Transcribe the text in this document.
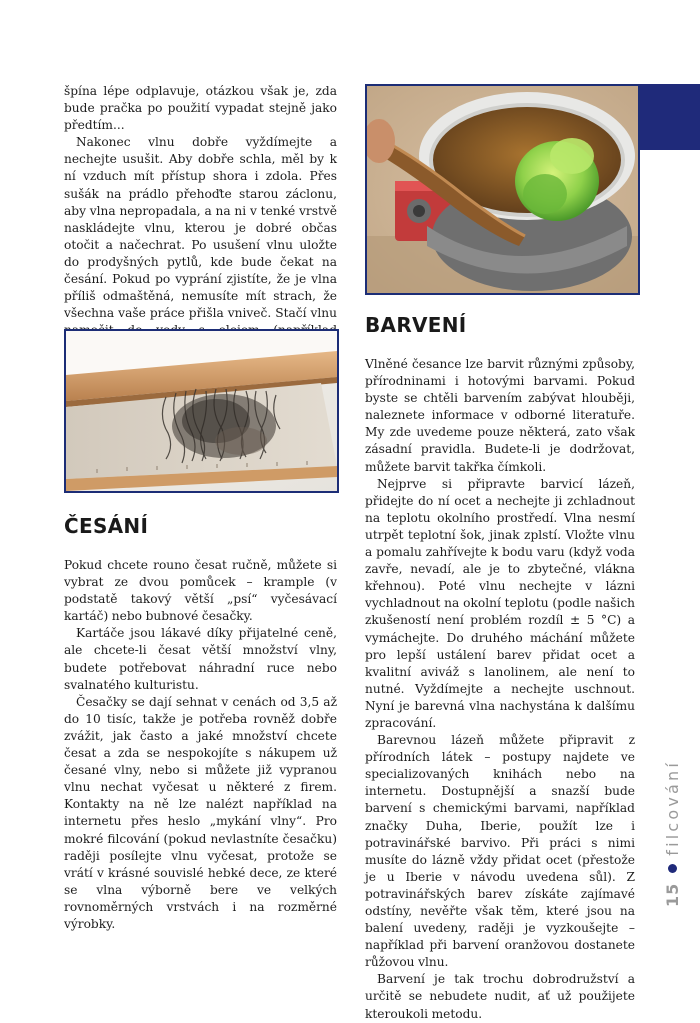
špína lépe odplavuje, otázkou však je, zda bude pračka po použití vypadat stejně jako předtím...

Nakonec vlnu dobře vyždímejte a nechejte usušit. Aby dobře schla, měl by k ní vzduch mít přístup shora i zdola. Přes sušák na prádlo přehoďte starou záclonu, aby vlna nepropadala, a na ni v tenké vrstvě naskládejte vlnu, kterou je dobré občas otočit a načechrat. Po usušení vlnu uložte do prodyšných pytlů, kde bude čekat na česání. Pokud po vyprání zjistíte, že je vlna příliš odmaštěná, nemusíte mít strach, že všechna vaše práce přišla vniveč. Stačí vlnu

ČESÁNÍ

Pokud chcete rouno česat ručně, můžete si vybrat ze dvou pomůcek – krample (v podstatě takový větší „psí“ vyčesávací kartáč) nebo bubnové česačky.

Kartáče jsou lákavé díky přijatelné ceně, ale chcete-li česat větší množství vlny, budete potřebovat náhradní ruce nebo svalnatého kulturistu.

Česačky se dají sehnat v cenách od 3,5 až do 10 tisíc, takže je potřeba rovněž dobře zvážit, jak často a jaké množství chcete česat a zda se nespokojíte s nákupem už česané vlny, nebo si můžete již vypranou vlnu nechat vyčesat u některé z firem. Kontakty na ně lze nalézt například na internetu přes heslo „mykání vlny“. Pro mokré filcování (pokud nevlastníte česačku) raději posílejte vlnu vyčesat, protože se vrátí v krásné souvislé hebké dece, ze které se vlna výborně bere ve velkých rovnoměrných vrstvách i na rozměrné výrobky.

BARVENÍ

Vlněné česance lze barvit různými způsoby, přírodninami i hotovými barvami. Pokud byste se chtěli barvením zabývat hlouběji, naleznete informace v odborné literatuře. My zde uvedeme pouze některá, zato však zásadní pravidla. Budete-li je dodržovat, můžete barvit takřka čímkoli.

Nejprve si připravte barvicí lázeň, přidejte do ní ocet a nechejte ji zchladnout na teplotu okolního prostředí. Vlna nesmí utrpět teplotní šok, jinak zplstí. Vložte vlnu a pomalu zahřívejte k bodu varu (když voda zavře, nevadí, ale je to zbytečné, vlákna křehnou). Poté vlnu nechejte v lázni vychladnout na okolní teplotu (podle našich zkušeností není problém rozdíl ± 5 °C) a vymáchejte. Do druhého máchání můžete pro lepší ustálení barev přidat ocet a kvalitní aviváž s lanolinem, ale není to nutné. Vyždímejte a nechejte uschnout. Nyní je barevná vlna nachystána k dalšímu zpracování.

Barevnou lázeň můžete připravit z přírodních látek – postupy najdete ve specializovaných knihách nebo na internetu. Dostupnější a snazší bude barvení s chemickými barvami, například značky Duha, Iberie, použít lze i potravinářské barvivo. Při práci s nimi musíte do lázně vždy přidat ocet (přestože je u Iberie v návodu uvedena sůl). Z potravinářských barev získáte zajímavé odstíny, nevěřte však těm, které jsou na balení uvedeny, raději je vyzkoušejte – například při barvení oranžovou dostanete růžovou vlnu.

Barvení je tak trochu dobrodružství a určitě se nebudete nudit, ať už použijete kteroukoli metodu.

15
filcování
